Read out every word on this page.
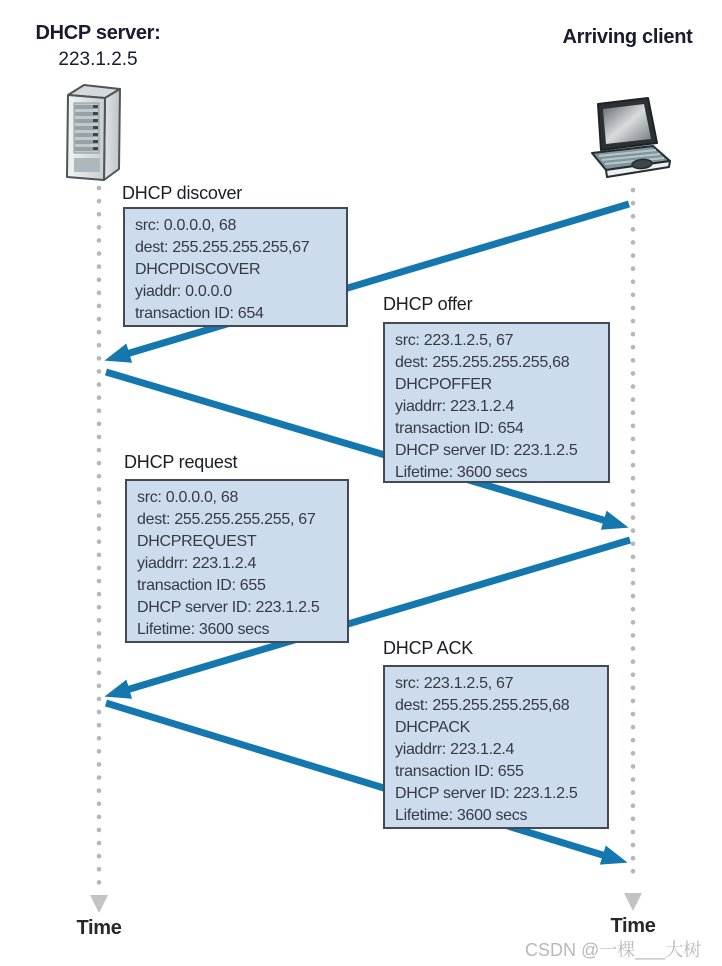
DHCP server:
223.1.2.5
Arriving client
DHCP discover
src: 0.0.0.0, 68
dest: 255.255.255.255,67
DHCPDISCOVER
yiaddr: 0.0.0.0
transaction ID: 654	DHCP offer
src: 223.1.2.5, 67
dest: 255.255.255.255,68
DHCPOFFER
yiaddrr: 223.1.2.4
transaction ID: 654
DHCP server ID: 223.1.2.5
Lifetime: 3600 secs
DHCP request
src: 0.0.0.0, 68
dest: 255.255.255.255, 67
DHCPREQUEST
yiaddrr: 223.1.2.4
transaction ID: 655
DHCP server ID: 223.1.2.5
Lifetime: 3600 secs
DHCP ACK
src: 223.1.2.5, 67
dest: 255.255.255.255,68
DHCPACK
yiaddrr: 223.1.2.4
transaction ID: 655
DHCP server ID: 223.1.2.5
Lifetime: 3600 secs
Time	Time
CSDN @一棵___大树
